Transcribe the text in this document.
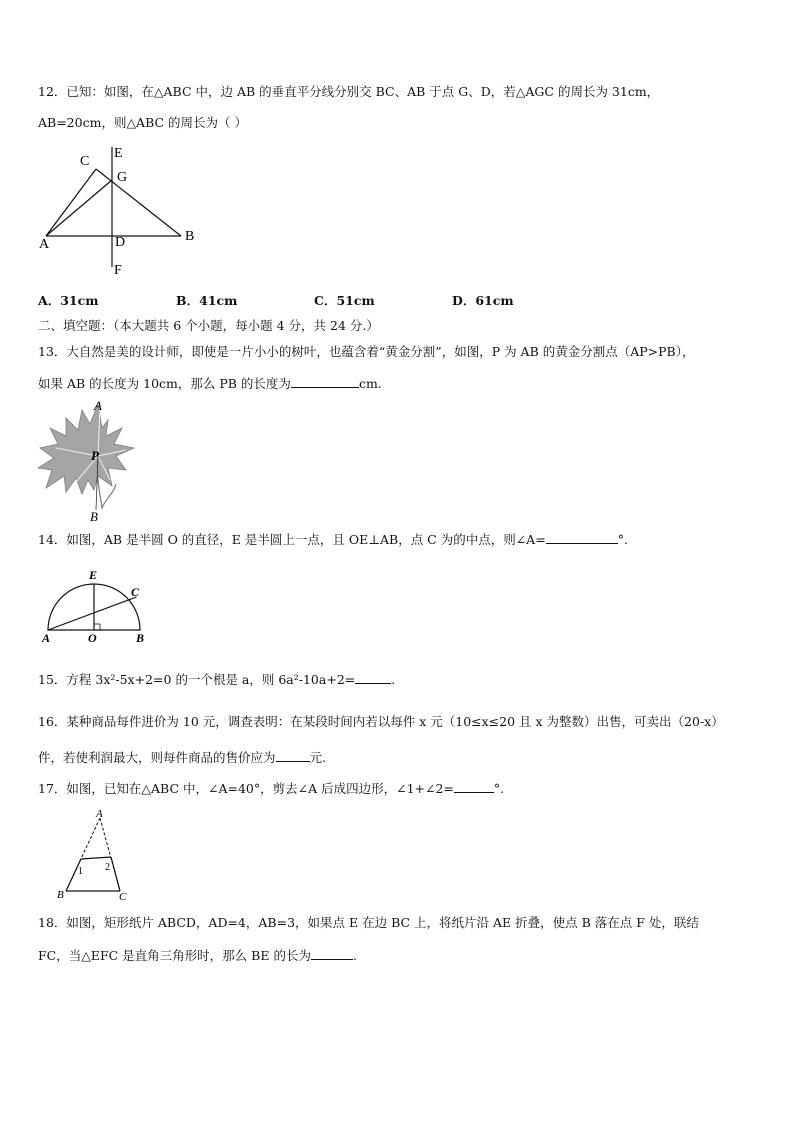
12．已知：如图，在△ABC 中，边 AB 的垂直平分线分别交 BC、AB 于点 G、D，若△AGC 的周长为 31cm，
AB=20cm，则△ABC 的周长为（ ）
C
E
G
A	D	B
F
A．31cm	B．41cm	C．51cm	D．61cm
二、填空题：（本大题共 6 个小题，每小题 4 分，共 24 分.）
13．大自然是美的设计师，即使是一片小小的树叶，也蕴含着“黄金分割”，如图，P 为 AB 的黄金分割点（AP>PB），
如果 AB 的长度为 10cm，那么 PB 的长度为	cm.
A
P
B
14．如图，AB 是半圆 O 的直径，E 是半圆上一点，且 OE⊥AB，点 C 为的中点，则∠A=	°.
E
C
A	O	B
15．方程 3x²-5x+2=0 的一个根是 a，则 6a²-10a+2=	.
16．某种商品每件进价为 10 元，调查表明：在某段时间内若以每件 x 元（10≤x≤20 且 x 为整数）出售，可卖出（20-x）
件，若使利润最大，则每件商品的售价应为	元.
17．如图，已知在△ABC 中，∠A=40°，剪去∠A 后成四边形，∠1+∠2=	°.
A
1 2
B	C
18．如图，矩形纸片 ABCD，AD=4，AB=3，如果点 E 在边 BC 上，将纸片沿 AE 折叠，使点 B 落在点 F 处，联结
FC，当△EFC 是直角三角形时，那么 BE 的长为	.
